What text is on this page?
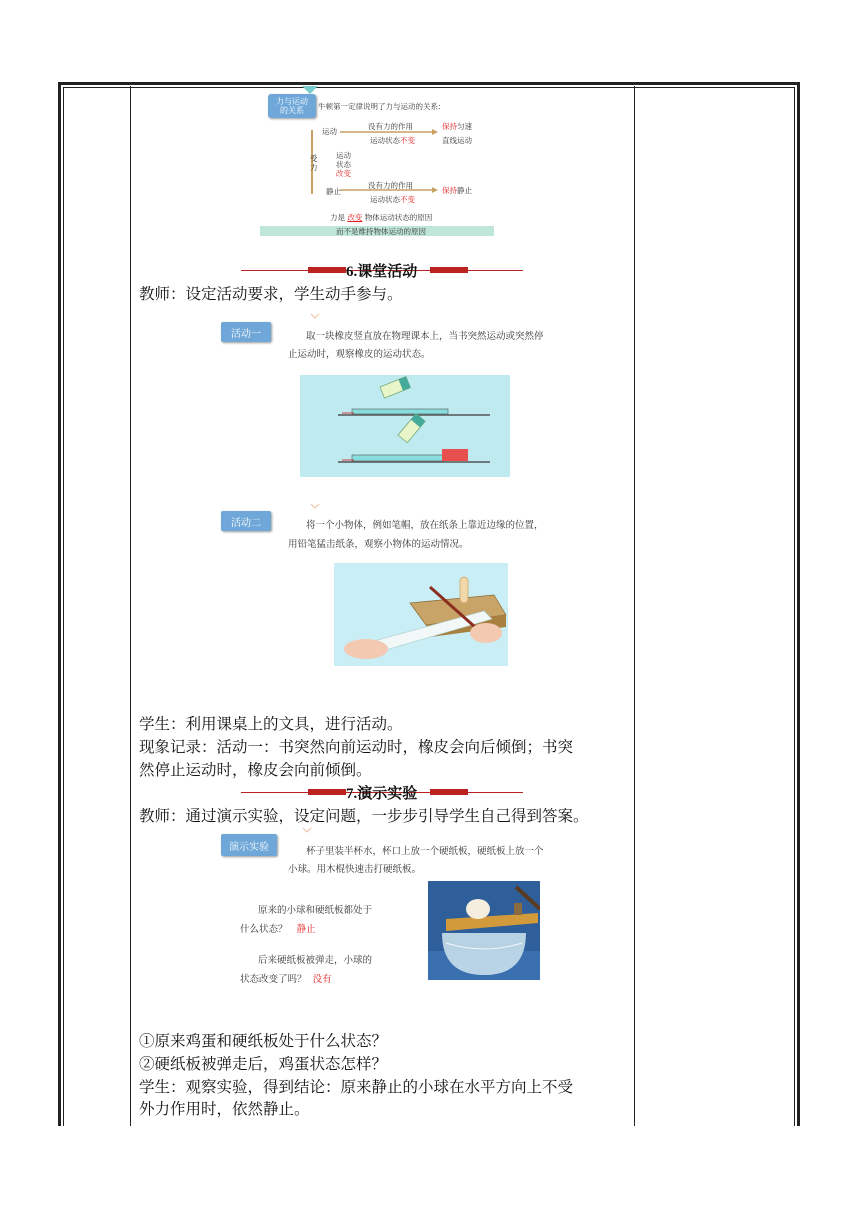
力与运动
的关系 牛顿第一定律说明了力与运动的关系:
运动
静止
受力
没有力的作用
运动状态不变
保持匀速
直线运动
运动
状态
改变
没有力的作用
运动状态不变
保持静止
力是 改变 物体运动状态的原因
而不是维持物体运动的原因
6.课堂活动
教师：设定活动要求，学生动手参与。
活动一	取一块橡皮竖直放在物理课本上，当书突然运动或突然停
止运动时，观察橡皮的运动状态。
活动二	将一个小物体，例如笔帽，放在纸条上靠近边缘的位置，
用铅笔猛击纸条，观察小物体的运动情况。
学生：利用课桌上的文具，进行活动。
现象记录：活动一：书突然向前运动时，橡皮会向后倾倒；书突
然停止运动时，橡皮会向前倾倒。
7.演示实验
教师：通过演示实验，设定问题，一步步引导学生自己得到答案。
演示实验	杯子里装半杯水，杯口上放一个硬纸板，硬纸板上放一个
小球。用木棍快速击打硬纸板。
原来的小球和硬纸板都处于
什么状态？ 静止
后来硬纸板被弹走，小球的
状态改变了吗？ 没有
①原来鸡蛋和硬纸板处于什么状态？
②硬纸板被弹走后，鸡蛋状态怎样？
学生：观察实验，得到结论：原来静止的小球在水平方向上不受
外力作用时，依然静止。
